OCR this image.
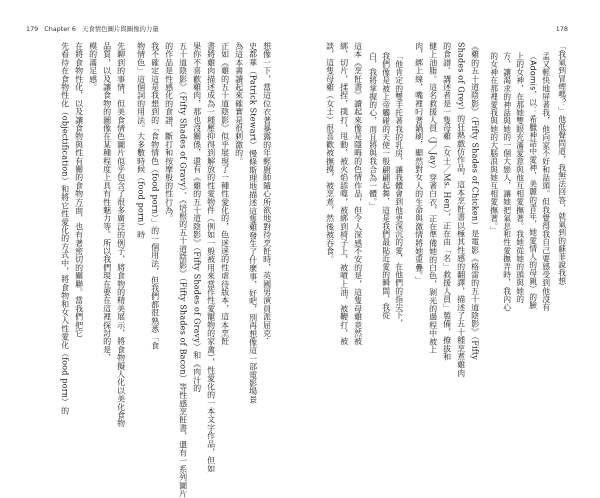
179 Chapter 6 天食情色圖片與圖像的力量	178

「我氣到冒煙嗎？」他低聲問道，我無法回答，就氣到的蘇菲說我想

孟又輕快地屏著我，他向家不好和話頭。但我覺得我自己要感受到他沒有

（Adomis，以：希臘神話中愛神，美麗的青年，她愛情人的母親）的臉

上的女神，在那她雙眼充滿愛意與他互相愛撫著。我她從她的頭與她的

方，讓渴求的神話與她的一個大戀人，讓她把氣息和性愛撫弄時，我內心

的女神在那裡愛我與她的大腦浪與她互相愛撫著。」

《雞的五十道陰影》（Fifty Shades of Chicken）是電影《格雷的五十道陰影》（Fifty

Shades of Grey）的狂熱戲仿作品，這本烹飪書以極其性感的翻譯，描述了五十種烹煮雞肉

的食譜。講述者是一隻母雞（女士／Ms. Hen），正在由「名」救援人員」製備，撩拔和

健上油脂。這名救援人員（J／Jay）穿著白衣，正在準備她的白色，剝光的過程中被上

肉，綁上線，嘴裡叼著鍋刷，顯然對女人的生命與激情將她重疊。」

「他肯定的雙手托著我的乳房，讓我體會到他更深沉的愛，在他們的指尖下，

我們像是被上帝觸碰的天使一般翩翩起舞，這是我們最貼近愛的瞬間，我從

白，我將掌握的心，而且將與我合為一體。」

這本《烹飪書》讀起來像是隱晦的色情作品，但令人深感不安的是，這隻母雞竟然被

綁，切片，揉捏，撲打，甩動，被火焰舔噬，被綁到椅子上，被噴上油，被鞭打，被

談，這隻母雞（女士）很喜歡被撫摸，被烹煮，然後被吞食。

想像一下，當這位衣著暴露的年輕廚師隨心所欲地對待烹飪時，英國男演員派屈克·

史都華（Patrick Stewart）慢條斯理地描述這隻雞發生了什麼事，好吧，別再想像這一部電影場景

為這本書讀起來確實是很刺激的。

正如《雞的五十道陰影》似乎展現了一種性愛化的，色迷迷的性虐待版本，這本烹飪

書將雞肉描述成為一種壓抑得到解放的性愛物件（例如一般被用來當作性愛寵物的家禽），性愛化的一本文字作品，但如

果你不喜歡雞肉，那也沒關係，還有《雞的五十道陰影》（Fifty Shades of Gravy）和《肉汁的

五十道陰影》（Fifty Shades of Gravy）、《培根的五十道陰影》（Fifty Shades of Bacon）等性感烹飪書，還有一系列圖片

的作品是性感化的食譜，斷打和按摩般的性行為。

我不確定這是我想到的「食物情色（food porn）」的一個用法，但我們都很熟悉「食

物情色」這個詞的用法。大多數時候（food porn）時

先聊到的事情，但美食情色圖片似乎包含了很多廣泛的例子，將食物的精美展示，將食物擬人化以美化食物

品質，以及讓食物的圖像在某種程度上具有性魅力等。所以我們現在要在這裡探討的是，

模的滿足感。

在將食物性化，以及讓食物與性有關的食物方面，也有著密切的關聯。當我們把它

先看待在食物性化（objectification）和將它性愛化的方式中，將食物和女人性愛化（food porn）的
